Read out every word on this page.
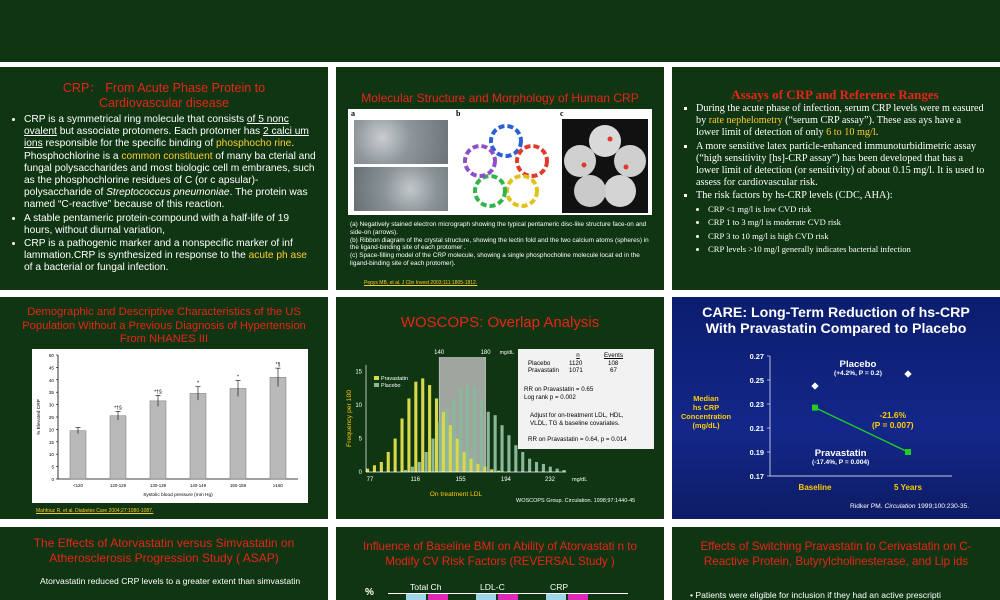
CRP： From Acute Phase Protein to Cardiovascular disease

• CRP is a symmetrical ring molecule that consists of 5 nonc ovalent but associate protomers. Each protomer has 2 calci um ions responsible for the specific binding of phosphocho rine. Phosphochlorine is a common constituent of many ba cterial and fungal polysaccharides and most biologic cell m embranes, such as the phosphochlorine residues of C (or c apsular)-polysaccharide of Streptococcus pneumoniae. The protein was named “C-reactive” because of this reaction.
• A stable pentameric protein-compound with a half-life of 19 hours, without diurnal variation,
• CRP is a pathogenic marker and a nonspecific marker of inf lammation.CRP is synthesized in response to the acute ph ase of a bacterial or fungal infection.

Molecular Structure and Morphology of Human CRP

a	b	c
(a) Negatively stained electron micrograph showing the typical pentameric disc-like structure face-on and side-on (arrows).
(b) Ribbon diagram of the crystal structure, showing the lectin fold and the two calcium atoms (spheres) in the ligand-binding site of each protomer .
(c) Space-filling model of the CRP molecule, showing a single phosphocholine molecule locat ed in the ligand-binding site of each protomer).
Pepys MB, et al. J Clin Invest 2003;111:1805-1812.

Assays of CRP and Reference Ranges

▪ During the acute phase of infection, serum CRP levels were m easured by rate nephelometry (“serum CRP assay”). These ass ays have a lower limit of detection of only 6 to 10 mg/l.
▪ A more sensitive latex particle-enhanced immunoturbidimetric assay (“high sensitivity [hs]-CRP assay”) has been developed that has a lower limit of detection (or sensitivity) of about 0.15 mg/l. It is used to assess for cardiovascular risk.
▪ The risk factors by hs-CRP levels (CDC, AHA):
• CRP <1 mg/l is low CVD risk
• CRP 1 to 3 mg/l is moderate CVD risk
• CRP 3 to 10 mg/l is high CVD risk
• CRP levels >10 mg/l generally indicates bacterial infection

Demographic and Descriptive Characteristics of the US Population Without a Previous Diagnosis of Hypertension From NHANES III

0
5
10
15
20
25
30
35
40
45
50
<120
*†§
120-129
*†§
130-139
*
140-149
*
150-159
*§
≥160
Systolic blood pressure (mm Hg)
% Elevated CRP
Mahfouz R, et al. Diabetes Care 2004;27:1080-1087.

WOSCOPS: Overlap Analysis

140	180 mg/dL
0
5
10
15
77	116	155	194	232	mg/dL
On treatment LDL
Frequency per 100
Pravastatin
Placebo
n	Events
Placebo	1120	108
Pravastatin 1071	67
RR on Pravastatin = 0.65
Log rank p = 0.002
Adjust for on-treatment LDL, HDL,
VLDL, TG & baseline covariates.
RR on Pravastatin = 0.64, p = 0.014
WOSCOPS Group. Circulation. 1998;97:1440-45
CARE: Long-Term Reduction of hs-CRP
With Pravastatin Compared to Placebo
0.17
0.19
0.21
0.23
0.25
0.27
Baseline	5 Years
Median
hs CRP
Concentration
(mg/dL)
Placebo
(+4.2%, P = 0.2)
-21.6%
(P = 0.007)
Pravastatin
(-17.4%, P = 0.004)
Ridker PM. Circulation 1999;100:230-35.

The Effects of Atorvastatin versus Simvastatin on Atherosclerosis Progression Study ( ASAP)

Atorvastatin reduced CRP levels to a greater extent than simvastatin

Influence of Baseline BMI on Ability of Atorvastati n to Modify CV Risk Factors (REVERSAL Study )

%	Total Ch	LDL-C	CRP

Effects of Switching Pravastatin to Cerivastatin on C-Reactive Protein, Butyrylcholinesterase, and Lip ids

• Patients were eligible for inclusion if they had an active prescripti
